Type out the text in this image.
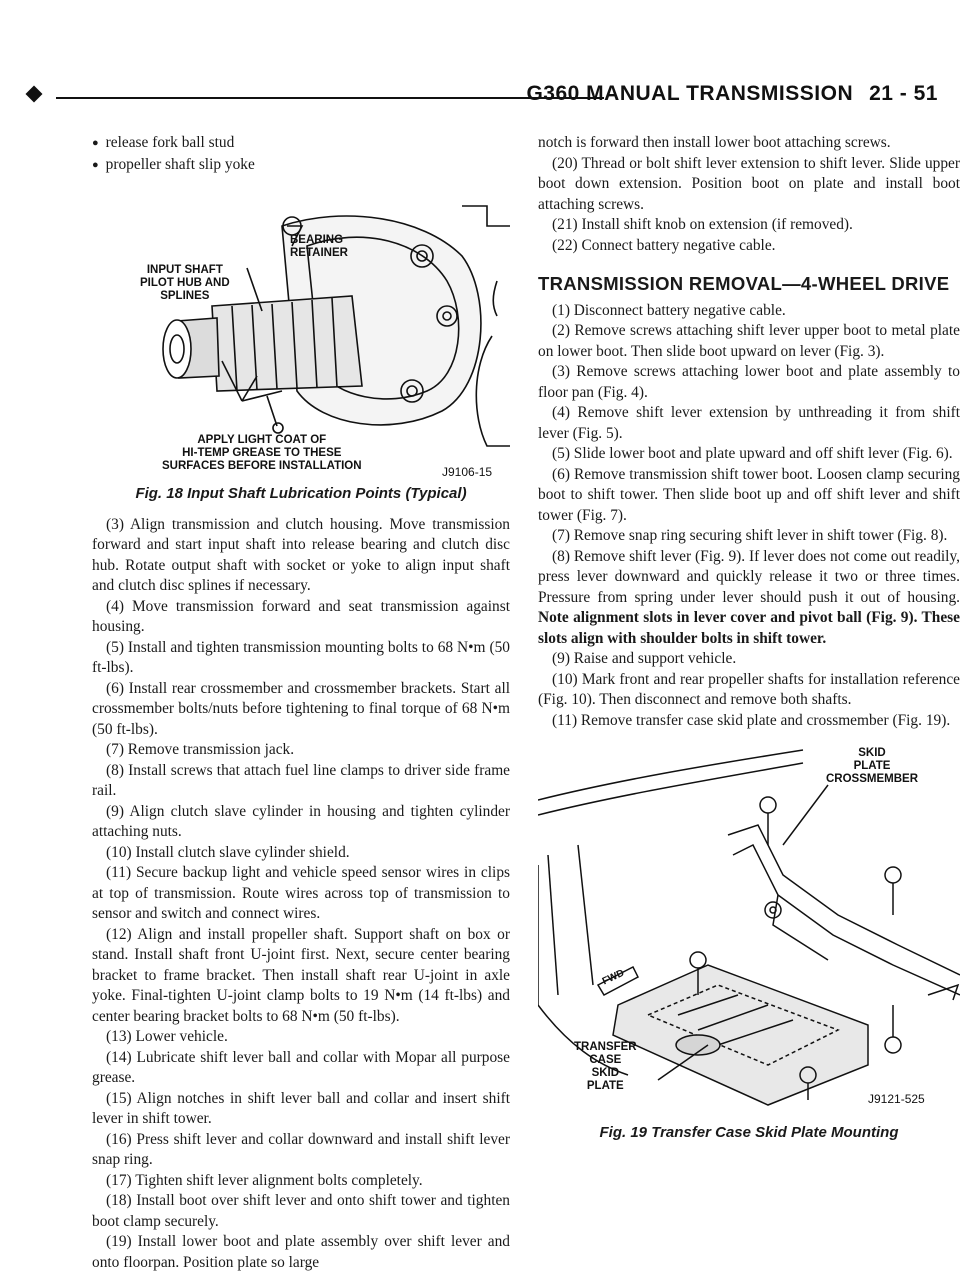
G360 MANUAL TRANSMISSION 21 - 51
● release fork ball stud
● propeller shaft slip yoke
BEARING
RETAINER
INPUT SHAFT
PILOT HUB AND
SPLINES
APPLY LIGHT COAT OF
HI-TEMP GREASE TO THESE
SURFACES BEFORE INSTALLATION	J9106-15

Fig. 18 Input Shaft Lubrication Points (Typical)

(3) Align transmission and clutch housing. Move transmission forward and start input shaft into release bearing and clutch disc hub. Rotate output shaft with socket or yoke to align input shaft and clutch disc splines if necessary.

(4) Move transmission forward and seat transmission against housing.

(5) Install and tighten transmission mounting bolts to 68 N•m (50 ft-lbs).

(6) Install rear crossmember and crossmember brackets. Start all crossmember bolts/nuts before tightening to final torque of 68 N•m (50 ft-lbs).

(7) Remove transmission jack.

(8) Install screws that attach fuel line clamps to driver side frame rail.

(9) Align clutch slave cylinder in housing and tighten cylinder attaching nuts.

(10) Install clutch slave cylinder shield.

(11) Secure backup light and vehicle speed sensor wires in clips at top of transmission. Route wires across top of transmission to sensor and switch and connect wires.

(12) Align and install propeller shaft. Support shaft on box or stand. Install shaft front U-joint first. Next, secure center bearing bracket to frame bracket. Then install shaft rear U-joint in axle yoke. Final-tighten U-joint clamp bolts to 19 N•m (14 ft-lbs) and center bearing bracket bolts to 68 N•m (50 ft-lbs).

(13) Lower vehicle.

(14) Lubricate shift lever ball and collar with Mopar all purpose grease.

(15) Align notches in shift lever ball and collar and insert shift lever in shift tower.

(16) Press shift lever and collar downward and install shift lever snap ring.

(17) Tighten shift lever alignment bolts completely.

(18) Install boot over shift lever and onto shift tower and tighten boot clamp securely.

(19) Install lower boot and plate assembly over shift lever and onto floorpan. Position plate so large

notch is forward then install lower boot attaching screws.

(20) Thread or bolt shift lever extension to shift lever. Slide upper boot down extension. Position boot on plate and install boot attaching screws.

(21) Install shift knob on extension (if removed).

(22) Connect battery negative cable.

TRANSMISSION REMOVAL—4-WHEEL DRIVE

(1) Disconnect battery negative cable.

(2) Remove screws attaching shift lever upper boot to metal plate on lower boot. Then slide boot upward on lever (Fig. 3).

(3) Remove screws attaching lower boot and plate assembly to floor pan (Fig. 4).

(4) Remove shift lever extension by unthreading it from shift lever (Fig. 5).

(5) Slide lower boot and plate upward and off shift lever (Fig. 6).

(6) Remove transmission shift tower boot. Loosen clamp securing boot to shift tower. Then slide boot up and off shift lever and shift tower (Fig. 7).

(7) Remove snap ring securing shift lever in shift tower (Fig. 8).

(8) Remove shift lever (Fig. 9). If lever does not come out readily, press lever downward and quickly release it two or three times. Pressure from spring under lever should push it out of housing. Note alignment slots in lever cover and pivot ball (Fig. 9). These slots align with shoulder bolts in shift tower.

(9) Raise and support vehicle.

(10) Mark front and rear propeller shafts for installation reference (Fig. 10). Then disconnect and remove both shafts.

(11) Remove transfer case skid plate and crossmember (Fig. 19).

SKID
PLATE
CROSSMEMBER
TRANSFER
CASE
SKID
PLATE
FWD
J9121-525

Fig. 19 Transfer Case Skid Plate Mounting
